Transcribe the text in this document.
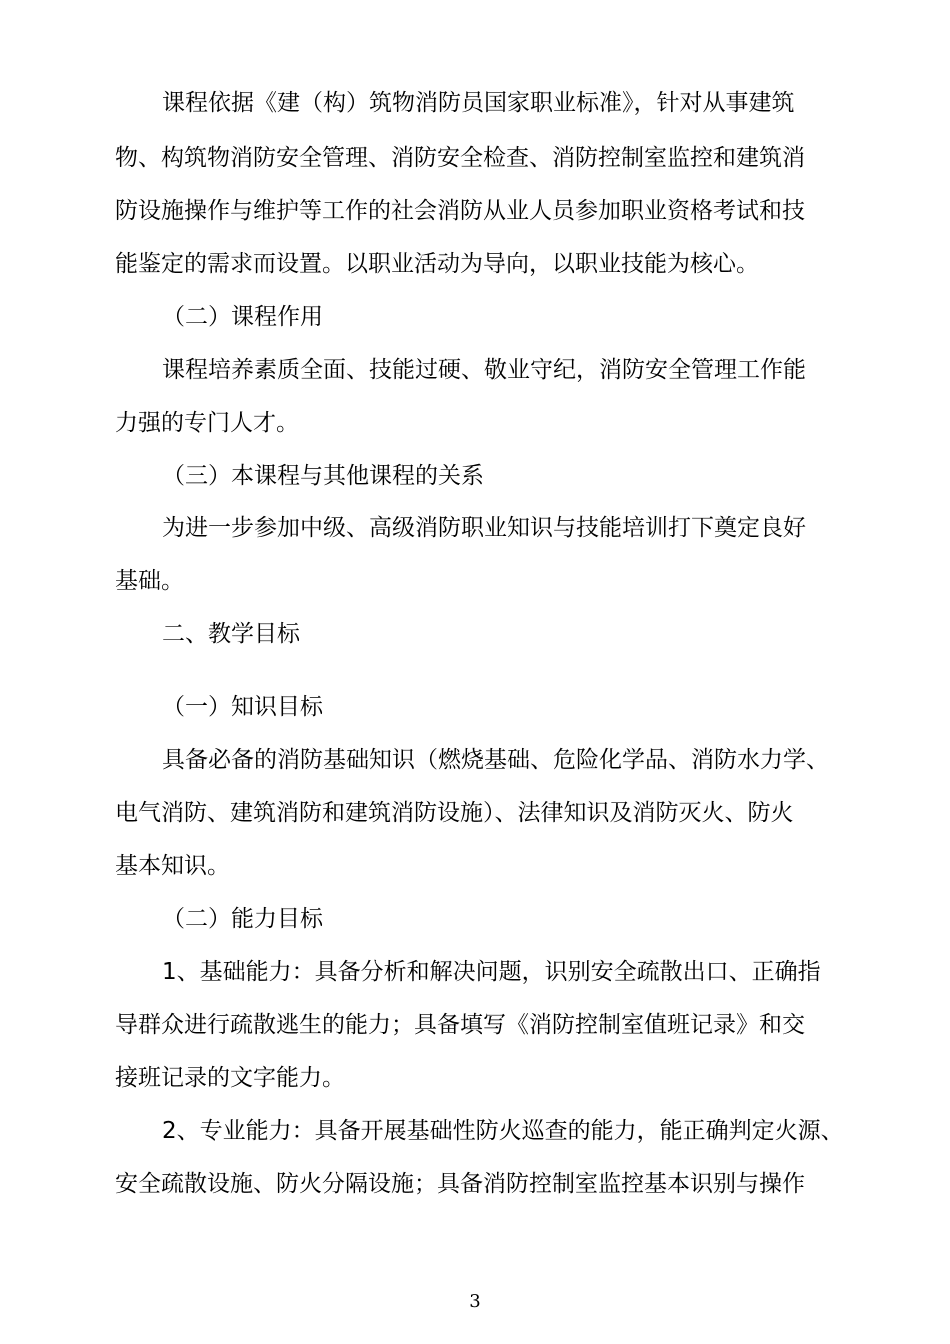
课程依据《建（构）筑物消防员国家职业标准》，针对从事建筑
物、构筑物消防安全管理、消防安全检查、消防控制室监控和建筑消
防设施操作与维护等工作的社会消防从业人员参加职业资格考试和技
能鉴定的需求而设置。以职业活动为导向，以职业技能为核心。
（二）课程作用
课程培养素质全面、技能过硬、敬业守纪，消防安全管理工作能
力强的专门人才。
（三）本课程与其他课程的关系
为进一步参加中级、高级消防职业知识与技能培训打下奠定良好
基础。
二、教学目标
（一）知识目标
具备必备的消防基础知识（燃烧基础、危险化学品、消防水力学、
电气消防、建筑消防和建筑消防设施）、法律知识及消防灭火、防火
基本知识。
（二）能力目标
1、基础能力：具备分析和解决问题，识别安全疏散出口、正确指
导群众进行疏散逃生的能力；具备填写《消防控制室值班记录》和交
接班记录的文字能力。
2、专业能力：具备开展基础性防火巡查的能力，能正确判定火源、
安全疏散设施、防火分隔设施；具备消防控制室监控基本识别与操作
3
